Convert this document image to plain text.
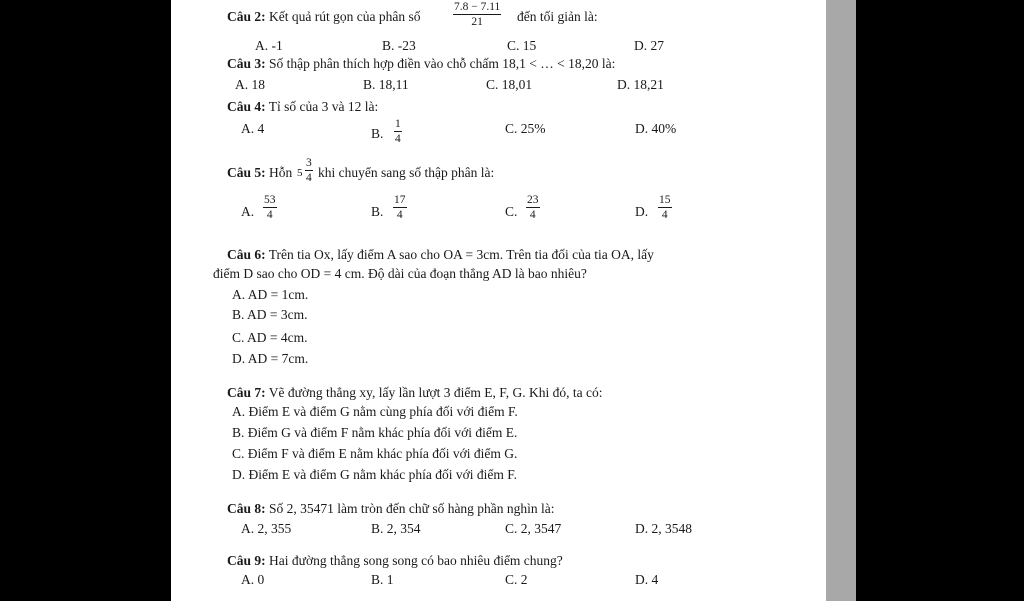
Câu 2: Kết quả rút gọn của phân số	$\frac{7.8 - 7.11}{21}$ đến tối giản là:
A. -1	B. -23	C. 15	D. 27
Câu 3: Số thập phân thích hợp điền vào chỗ chấm 18,1 < … < 18,20 là:
A. 18	B. 18,11	C. 18,01	D. 18,21
Câu 4: Tỉ số của 3 và 12 là:
A. 4	B. $\frac{1}{4}$	C. 25%	D. 40%
Câu 5: Hỗn $5 \frac{3}{4}$ khi chuyển sang số thập phân là:
A. $\frac{53}{4}$	B. $\frac{17}{4}$	C. $\frac{23}{4}$	D. $\frac{15}{4}$
Câu 6: Trên tia Ox, lấy điểm A sao cho OA = 3cm. Trên tia đối của tia OA, lấy
điểm D sao cho OD = 4 cm. Độ dài của đoạn thẳng AD là bao nhiêu?
A. AD = 1cm.
B. AD = 3cm.
C. AD = 4cm.
D. AD = 7cm.
Câu 7: Vẽ đường thẳng xy, lấy lần lượt 3 điểm E, F, G. Khi đó, ta có:
A. Điểm E và điểm G nằm cùng phía đối với điểm F.
B. Điểm G và điểm F nằm khác phía đối với điểm E.
C. Điểm F và điểm E nằm khác phía đối với điểm G.
D. Điểm E và điểm G nằm khác phía đối với điểm F.
Câu 8: Số 2, 35471 làm tròn đến chữ số hàng phần nghìn là:
A. 2, 355	B. 2, 354	C. 2, 3547	D. 2, 3548
Câu 9: Hai đường thẳng song song có bao nhiêu điểm chung?
A. 0	B. 1	C. 2	D. 4
